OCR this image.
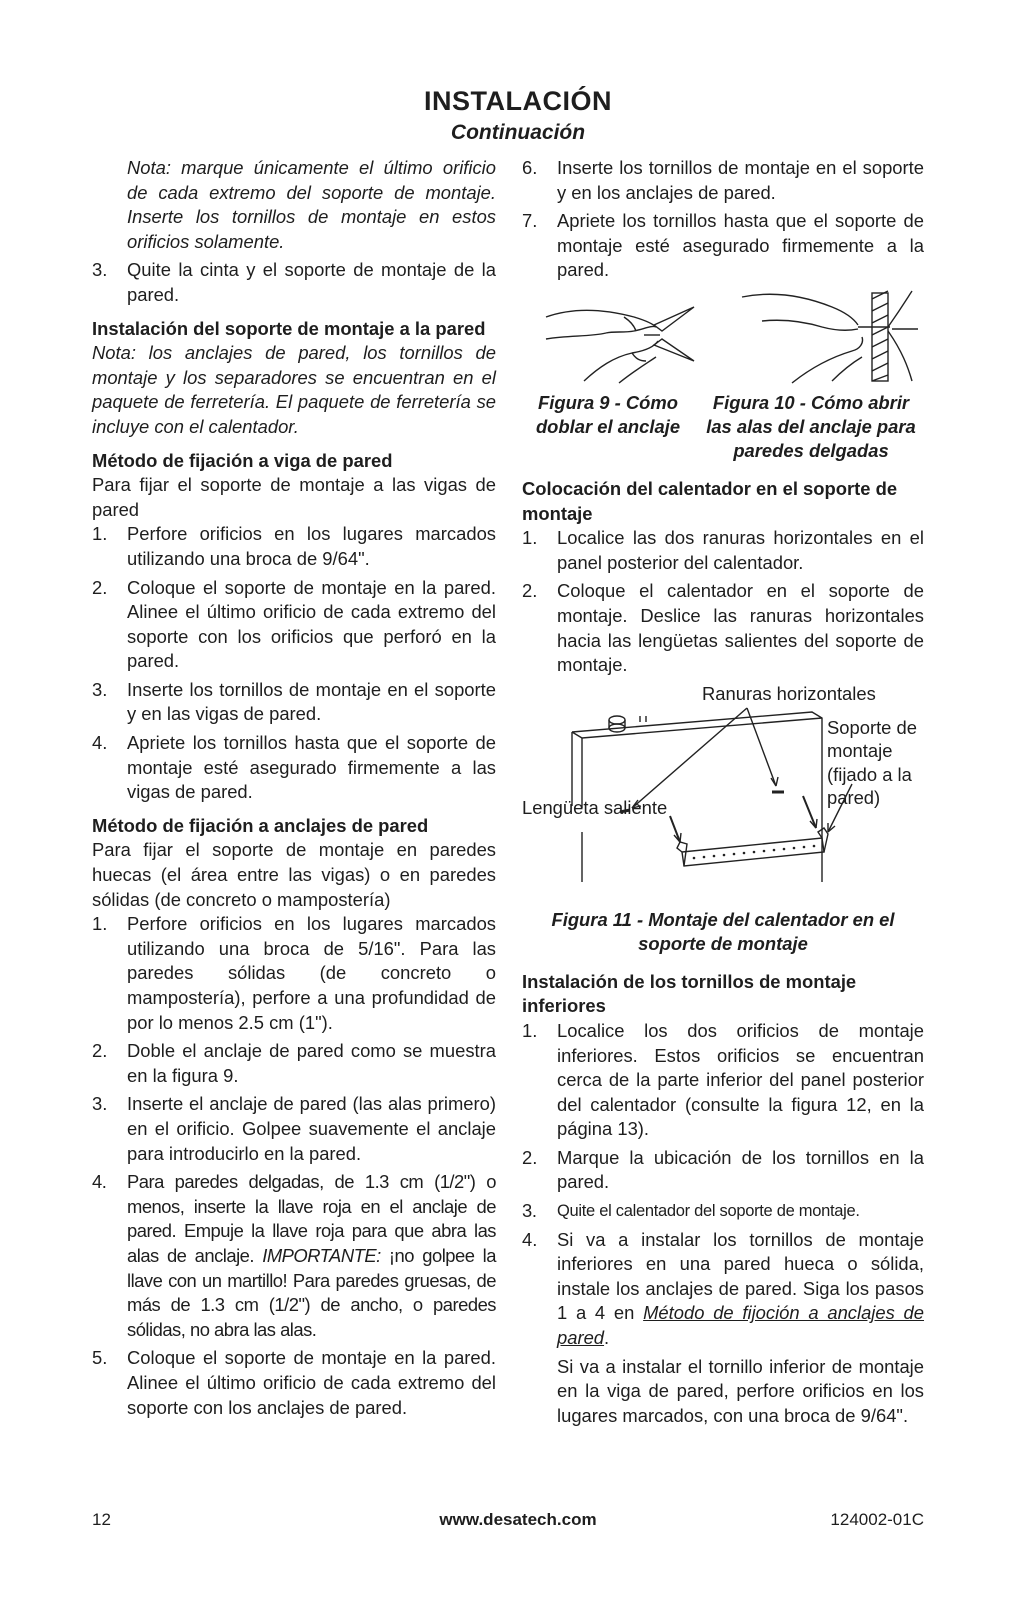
INSTALACIÓN
Continuación

Nota: marque únicamente el último orificio de cada extremo del soporte de montaje. Inserte los tornillos de montaje en estos orificios solamente.

3. Quite la cinta y el soporte de montaje de la pared.

Instalación del soporte de montaje a la pared

Nota: los anclajes de pared, los tornillos de montaje y los separadores se encuentran en el paquete de ferretería. El paquete de ferretería se incluye con el calentador.

Método de fijación a viga de pared

Para fijar el soporte de montaje a las vigas de pared

1. Perfore orificios en los lugares marcados utilizando una broca de 9/64".
2. Coloque el soporte de montaje en la pared. Alinee el último orificio de cada extremo del soporte con los orificios que perforó en la pared.
3. Inserte los tornillos de montaje en el soporte y en las vigas de pared.
4. Apriete los tornillos hasta que el soporte de montaje esté asegurado firmemente a las vigas de pared.

Método de fijación a anclajes de pared

Para fijar el soporte de montaje en paredes huecas (el área entre las vigas) o en paredes sólidas (de concreto o mampostería)

1. Perfore orificios en los lugares marcados utilizando una broca de 5/16". Para las paredes sólidas (de concreto o mampostería), perfore a una profundidad de por lo menos 2.5 cm (1").
2. Doble el anclaje de pared como se muestra en la figura 9.
3. Inserte el anclaje de pared (las alas primero) en el orificio. Golpee suavemente el anclaje para introducirlo en la pared.
4. Para paredes delgadas, de 1.3 cm (1/2") o menos, inserte la llave roja en el anclaje de pared. Empuje la llave roja para que abra las alas de anclaje. IMPORTANTE: ¡no golpee la llave con un martillo! Para paredes gruesas, de más de 1.3 cm (1/2") de ancho, o paredes sólidas, no abra las alas.
5. Coloque el soporte de montaje en la pared. Alinee el último orificio de cada extremo del soporte con los anclajes de pared.
6. Inserte los tornillos de montaje en el soporte y en los anclajes de pared.
7. Apriete los tornillos hasta que el soporte de montaje esté asegurado firmemente a la pared.
Figura 9 - Cómo doblar el anclaje
Figura 10 - Cómo abrir las alas del anclaje para paredes delgadas

Colocación del calentador en el soporte de montaje

1. Localice las dos ranuras horizontales en el panel posterior del calentador.
2. Coloque el calentador en el soporte de montaje. Deslice las ranuras horizontales hacia las lengüetas salientes del soporte de montaje.
Ranuras horizontales
Soporte de montaje (fijado a la pared)
Lengüeta saliente

Figura 11 - Montaje del calentador en el soporte de montaje

Instalación de los tornillos de montaje inferiores

1. Localice los dos orificios de montaje inferiores. Estos orificios se encuentran cerca de la parte inferior del panel posterior del calentador (consulte la figura 12, en la página 13).
2. Marque la ubicación de los tornillos en la pared.
3. Quite el calentador del soporte de montaje.
4. Si va a instalar los tornillos de montaje inferiores en una pared hueca o sólida, instale los anclajes de pared. Siga los pasos 1 a 4 en Método de fijoción a anclajes de pared.
Si va a instalar el tornillo inferior de montaje en la viga de pared, perfore orificios en los lugares marcados, con una broca de 9/64".
12	www.desatech.com	124002-01C
